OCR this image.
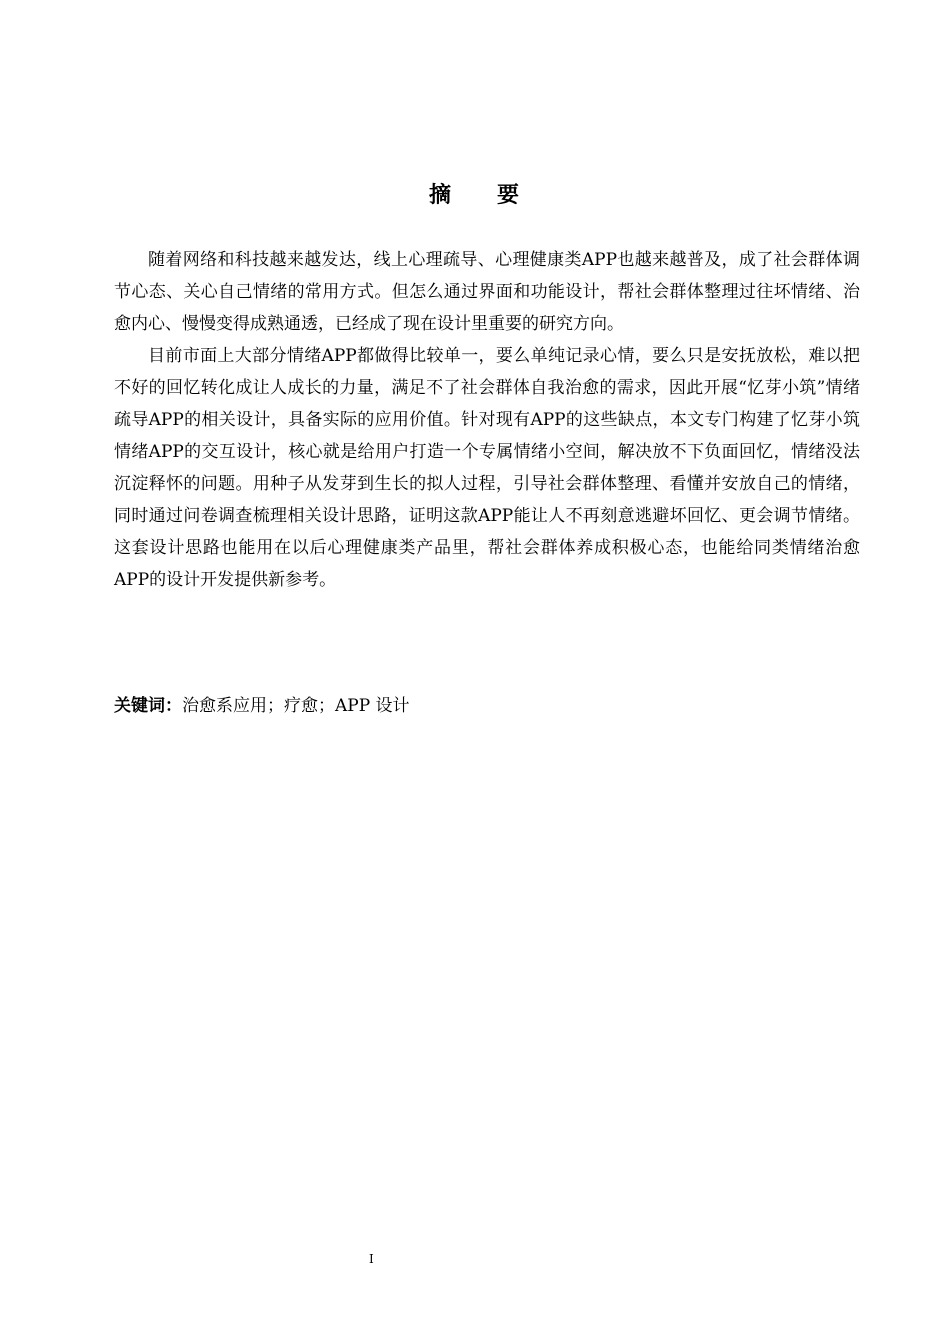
摘 要

随着网络和科技越来越发达，线上心理疏导、心理健康类APP也越来越普及，成了社会群体调节心态、关心自己情绪的常用方式。但怎么通过界面和功能设计，帮社会群体整理过往坏情绪、治愈内心、慢慢变得成熟通透，已经成了现在设计里重要的研究方向。

目前市面上大部分情绪APP都做得比较单一，要么单纯记录心情，要么只是安抚放松，难以把不好的回忆转化成让人成长的力量，满足不了社会群体自我治愈的需求，因此开展“忆芽小筑”情绪疏导APP的相关设计，具备实际的应用价值。针对现有APP的这些缺点，本文专门构建了忆芽小筑情绪APP的交互设计，核心就是给用户打造一个专属情绪小空间，解决放不下负面回忆，情绪没法沉淀释怀的问题。用种子从发芽到生长的拟人过程，引导社会群体整理、看懂并安放自己的情绪，同时通过问卷调查梳理相关设计思路，证明这款APP能让人不再刻意逃避坏回忆、更会调节情绪。这套设计思路也能用在以后心理健康类产品里，帮社会群体养成积极心态，也能给同类情绪治愈APP的设计开发提供新参考。

关键词：治愈系应用；疗愈；APP 设计
I
